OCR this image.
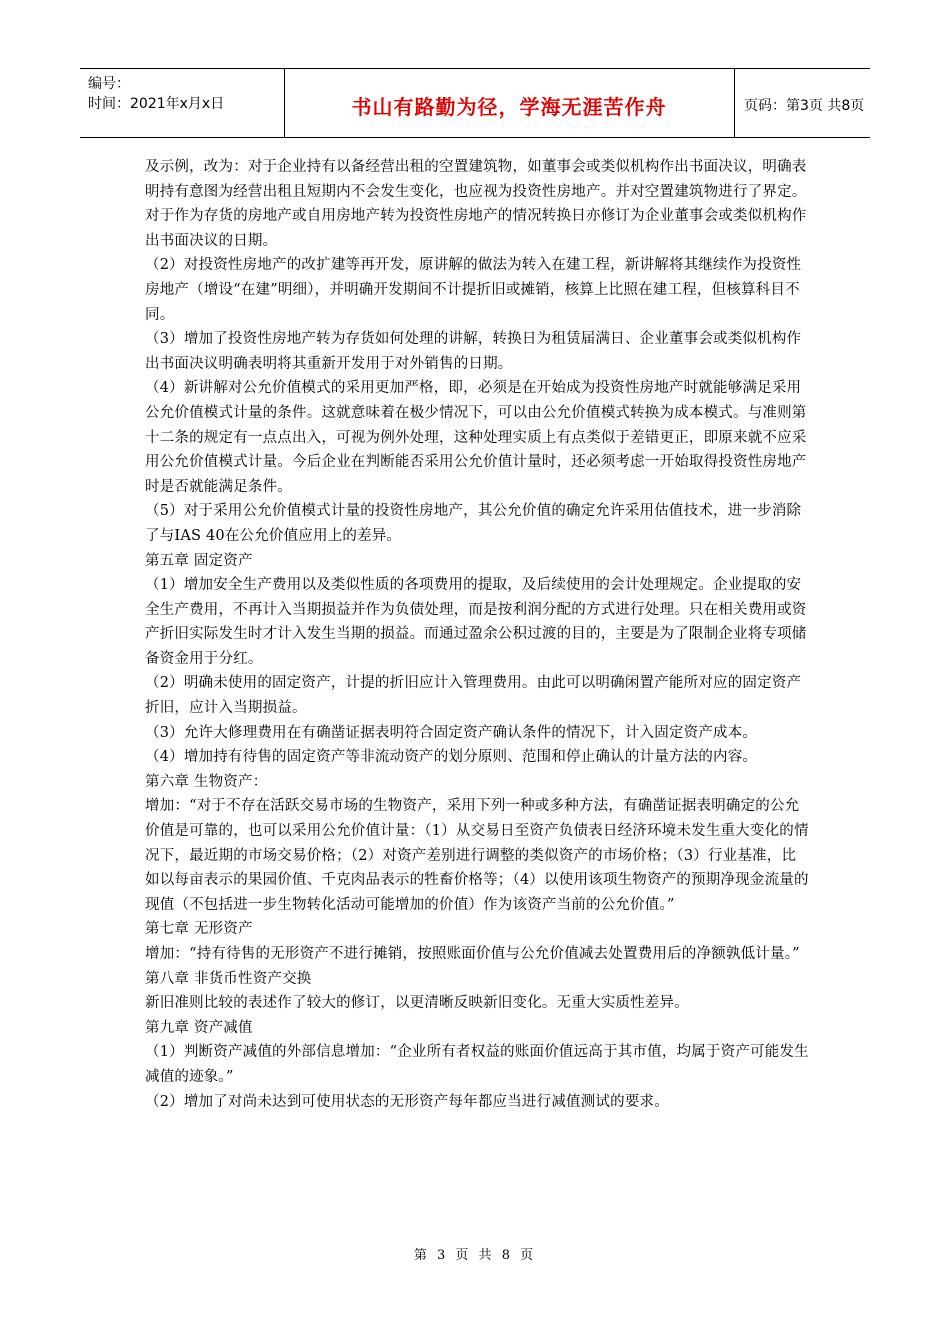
编号：
时间：2021年x月x日	书山有路勤为径，学海无涯苦作舟	页码：第3页 共8页

及示例，改为：对于企业持有以备经营出租的空置建筑物，如董事会或类似机构作出书面决议，明确表明持有意图为经营出租且短期内不会发生变化，也应视为投资性房地产。并对空置建筑物进行了界定。对于作为存货的房地产或自用房地产转为投资性房地产的情况转换日亦修订为企业董事会或类似机构作出书面决议的日期。

（2）对投资性房地产的改扩建等再开发，原讲解的做法为转入在建工程，新讲解将其继续作为投资性房地产（增设“在建”明细），并明确开发期间不计提折旧或摊销，核算上比照在建工程，但核算科目不同。

（3）增加了投资性房地产转为存货如何处理的讲解，转换日为租赁届满日、企业董事会或类似机构作出书面决议明确表明将其重新开发用于对外销售的日期。

（4）新讲解对公允价值模式的采用更加严格，即，必须是在开始成为投资性房地产时就能够满足采用公允价值模式计量的条件。这就意味着在极少情况下，可以由公允价值模式转换为成本模式。与准则第十二条的规定有一点点出入，可视为例外处理，这种处理实质上有点类似于差错更正，即原来就不应采用公允价值模式计量。今后企业在判断能否采用公允价值计量时，还必须考虑一开始取得投资性房地产时是否就能满足条件。

（5）对于采用公允价值模式计量的投资性房地产，其公允价值的确定允许采用估值技术，进一步消除了与IAS 40在公允价值应用上的差异。

第五章 固定资产

（1）增加安全生产费用以及类似性质的各项费用的提取，及后续使用的会计处理规定。企业提取的安全生产费用，不再计入当期损益并作为负债处理，而是按利润分配的方式进行处理。只在相关费用或资产折旧实际发生时才计入发生当期的损益。而通过盈余公积过渡的目的，主要是为了限制企业将专项储备资金用于分红。

（2）明确未使用的固定资产，计提的折旧应计入管理费用。由此可以明确闲置产能所对应的固定资产折旧，应计入当期损益。

（3）允许大修理费用在有确凿证据表明符合固定资产确认条件的情况下，计入固定资产成本。

（4）增加持有待售的固定资产等非流动资产的划分原则、范围和停止确认的计量方法的内容。

第六章 生物资产：

增加：“对于不存在活跃交易市场的生物资产，采用下列一种或多种方法，有确凿证据表明确定的公允价值是可靠的，也可以采用公允价值计量：（1）从交易日至资产负债表日经济环境未发生重大变化的情况下，最近期的市场交易价格；（2）对资产差别进行调整的类似资产的市场价格；（3）行业基准，比如以每亩表示的果园价值、千克肉品表示的牲畜价格等；（4）以使用该项生物资产的预期净现金流量的现值（不包括进一步生物转化活动可能增加的价值）作为该资产当前的公允价值。”

第七章 无形资产

增加：“持有待售的无形资产不进行摊销，按照账面价值与公允价值减去处置费用后的净额孰低计量。”

第八章 非货币性资产交换

新旧准则比较的表述作了较大的修订，以更清晰反映新旧变化。无重大实质性差异。

第九章 资产减值

（1）判断资产减值的外部信息增加：“企业所有者权益的账面价值远高于其市值，均属于资产可能发生减值的迹象。”

（2）增加了对尚未达到可使用状态的无形资产每年都应当进行减值测试的要求。

第 3 页 共 8 页
